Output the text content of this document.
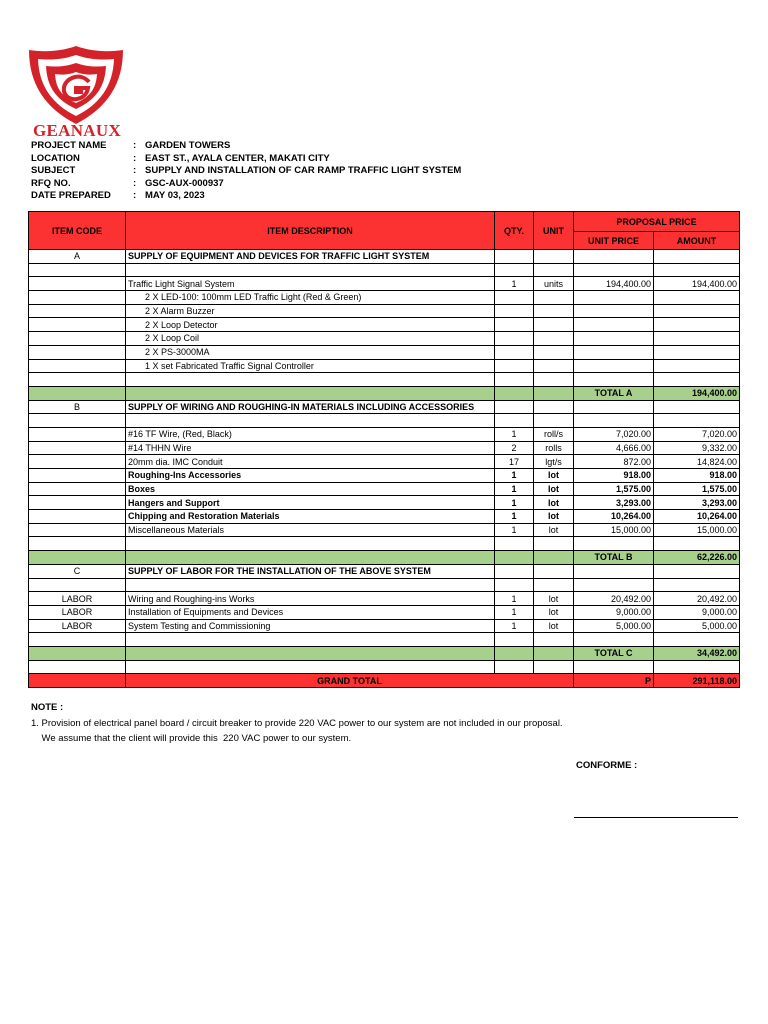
GEANAUX
PROJECT NAME	: GARDEN TOWERS
LOCATION	: EAST ST., AYALA CENTER, MAKATI CITY
SUBJECT	: SUPPLY AND INSTALLATION OF CAR RAMP TRAFFIC LIGHT SYSTEM
RFQ NO.	: GSC-AUX-000937
DATE PREPARED	: MAY 03, 2023
ITEM CODE	ITEM DESCRIPTION	QTY.	UNIT	PROPOSAL PRICE	
				UNIT PRICE	AMOUNT
A	SUPPLY OF EQUIPMENT AND DEVICES FOR TRAFFIC LIGHT SYSTEM				

	Traffic Light Signal System	1	units	194,400.00	194,400.00
	2 X LED-100: 100mm LED Traffic Light (Red & Green)				
	2 X Alarm Buzzer				
	2 X Loop Detector				
	2 X Loop Coil				
	2 X PS-3000MA				
	1 X set Fabricated Traffic Signal Controller				

				TOTAL A	194,400.00
B	SUPPLY OF WIRING AND ROUGHING-IN MATERIALS INCLUDING ACCESSORIES				

	#16 TF Wire, (Red, Black)	1	roll/s	7,020.00	7,020.00
	#14 THHN Wire	2	rolls	4,666.00	9,332.00
	20mm dia. IMC Conduit	17	lgt/s	872.00	14,824.00
	Roughing-Ins Accessories	1	lot	918.00	918.00
	Boxes	1	lot	1,575.00	1,575.00
	Hangers and Support	1	lot	3,293.00	3,293.00
	Chipping and Restoration Materials	1	lot	10,264.00	10,264.00
	Miscellaneous Materials	1	lot	15,000.00	15,000.00

				TOTAL B	62,226.00
C	SUPPLY OF LABOR FOR THE INSTALLATION OF THE ABOVE SYSTEM				

LABOR	Wiring and Roughing-ins Works	1	lot	20,492.00	20,492.00
LABOR	Installation of Equipments and Devices	1	lot	9,000.00	9,000.00
LABOR	System Testing and Commissioning	1	lot	5,000.00	5,000.00

				TOTAL C	34,492.00

	GRAND TOTAL			P	291,118.00
NOTE :
1. Provision of electrical panel board / circuit breaker to provide 220 VAC power to our system are not included in our proposal.
We assume that the client will provide this  220 VAC power to our system.
CONFORME :
